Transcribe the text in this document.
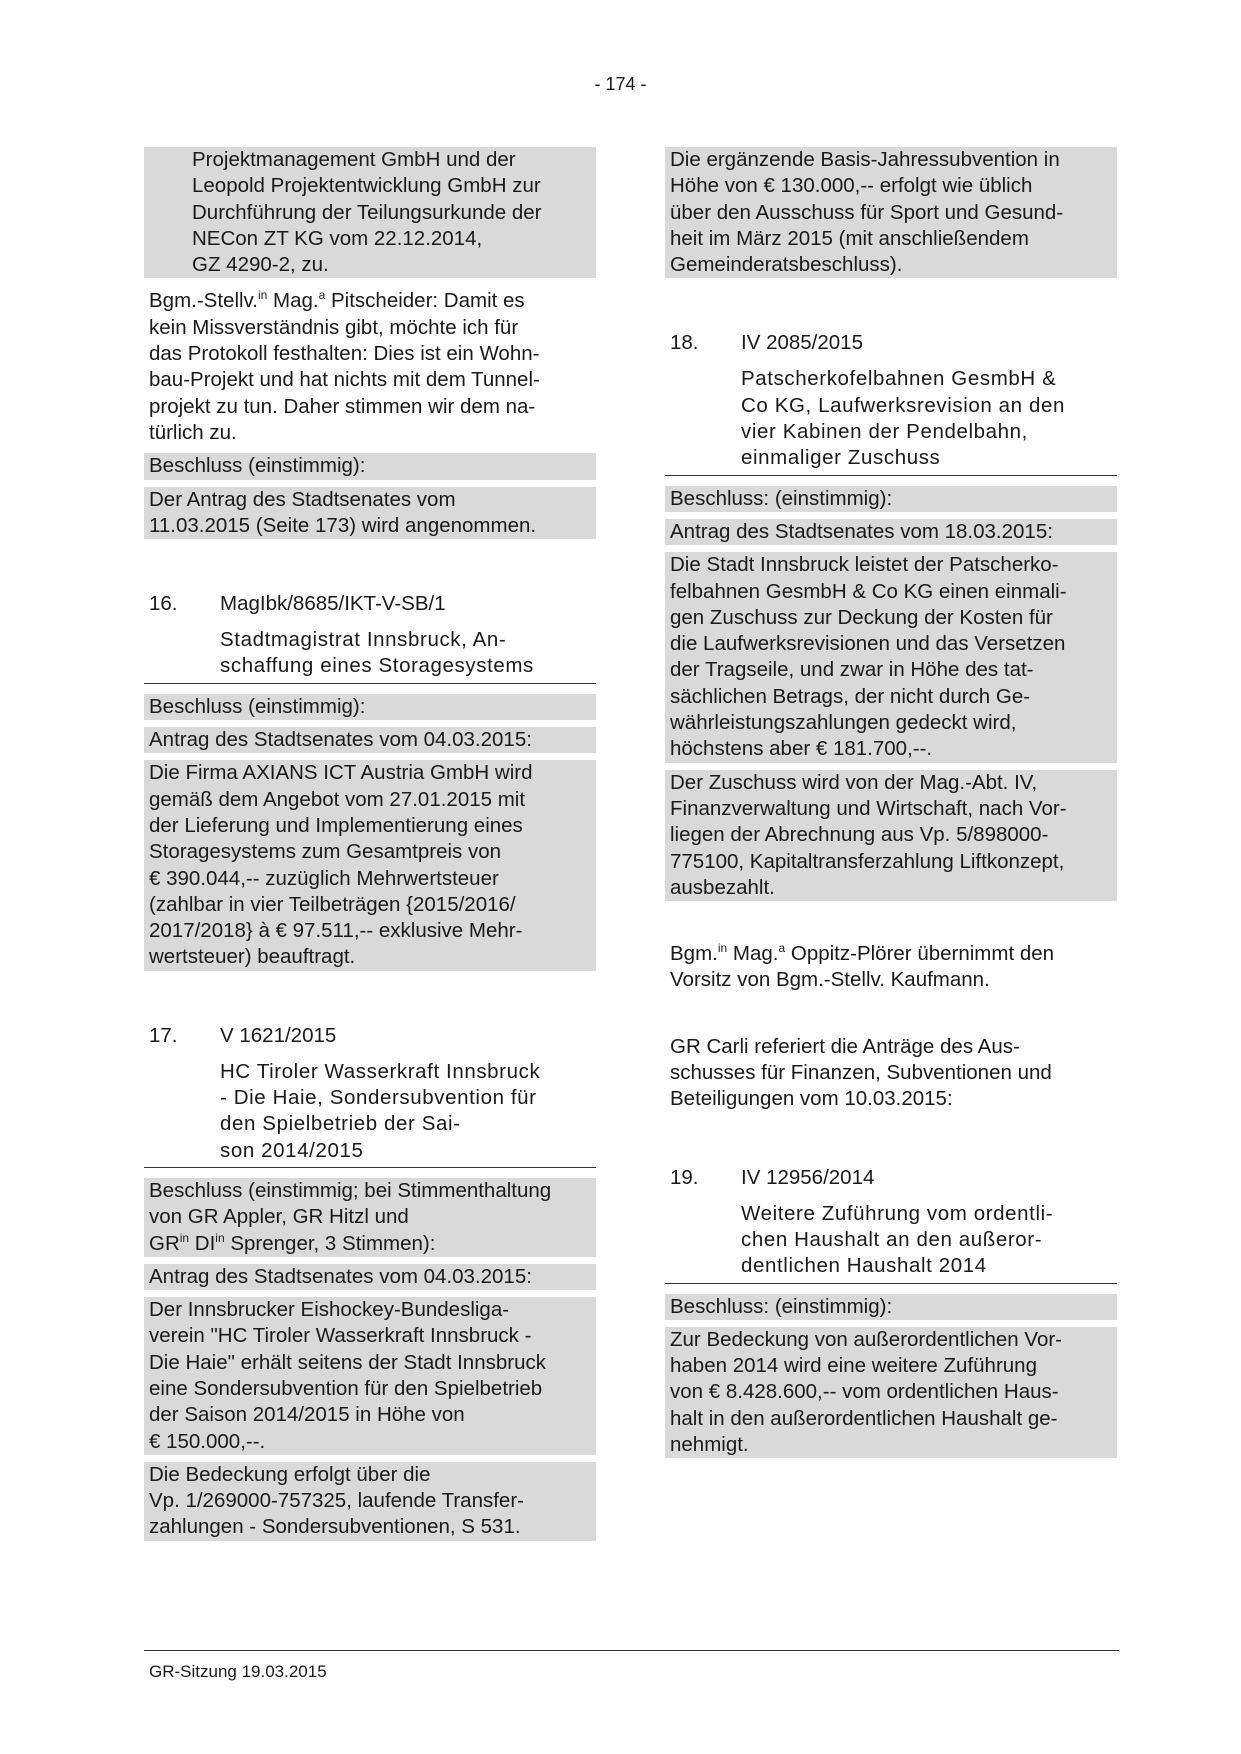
- 174 -
Projektmanagement GmbH und der
Leopold Projektentwicklung GmbH zur
Durchführung der Teilungsurkunde der
NECon ZT KG vom 22.12.2014,
GZ 4290-2, zu.
Bgm.-Stellv.$^{in}$ Mag.$^a$ Pitscheider: Damit es
kein Missverständnis gibt, möchte ich für
das Protokoll festhalten: Dies ist ein Wohn-
bau-Projekt und hat nichts mit dem Tunnel-
projekt zu tun. Daher stimmen wir dem na-
türlich zu.
Beschluss (einstimmig):
Der Antrag des Stadtsenates vom
11.03.2015 (Seite 173) wird angenommen.
16. MagIbk/8685/IKT-V-SB/1
Stadtmagistrat Innsbruck, An-
schaffung eines Storagesystems
Beschluss (einstimmig):
Antrag des Stadtsenates vom 04.03.2015:
Die Firma AXIANS ICT Austria GmbH wird
gemäß dem Angebot vom 27.01.2015 mit
der Lieferung und Implementierung eines
Storagesystems zum Gesamtpreis von
€ 390.044,-- zuzüglich Mehrwertsteuer
(zahlbar in vier Teilbeträgen {2015/2016/
2017/2018} à € 97.511,-- exklusive Mehr-
wertsteuer) beauftragt.
17. V 1621/2015
HC Tiroler Wasserkraft Innsbruck
- Die Haie, Sondersubvention für
den Spielbetrieb der Sai-
son 2014/2015
Beschluss (einstimmig; bei Stimmenthaltung
von GR Appler, GR Hitzl und
$GR^{in}$ $DI^{in}$ Sprenger, 3 Stimmen):
Antrag des Stadtsenates vom 04.03.2015:
Der Innsbrucker Eishockey-Bundesliga-
verein "HC Tiroler Wasserkraft Innsbruck -
Die Haie" erhält seitens der Stadt Innsbruck
eine Sondersubvention für den Spielbetrieb
der Saison 2014/2015 in Höhe von
€ 150.000,--.
Die Bedeckung erfolgt über die
Vp. 1/269000-757325, laufende Transfer-
zahlungen - Sondersubventionen, S 531.
Die ergänzende Basis-Jahressubvention in
Höhe von € 130.000,-- erfolgt wie üblich
über den Ausschuss für Sport und Gesund-
heit im März 2015 (mit anschließendem
Gemeinderatsbeschluss).
18. IV 2085/2015
Patscherkofelbahnen GesmbH &
Co KG, Laufwerksrevision an den
vier Kabinen der Pendelbahn,
einmaliger Zuschuss
Beschluss: (einstimmig):
Antrag des Stadtsenates vom 18.03.2015:
Die Stadt Innsbruck leistet der Patscherko-
felbahnen GesmbH & Co KG einen einmali-
gen Zuschuss zur Deckung der Kosten für
die Laufwerksrevisionen und das Versetzen
der Tragseile, und zwar in Höhe des tat-
sächlichen Betrags, der nicht durch Ge-
währleistungszahlungen gedeckt wird,
höchstens aber € 181.700,--.
Der Zuschuss wird von der Mag.-Abt. IV,
Finanzverwaltung und Wirtschaft, nach Vor-
liegen der Abrechnung aus Vp. 5/898000-
775100, Kapitaltransferzahlung Liftkonzept,
ausbezahlt.
Bgm.$^{in}$ Mag.$^a$ Oppitz-Plörer übernimmt den
Vorsitz von Bgm.-Stellv. Kaufmann.
GR Carli referiert die Anträge des Aus-
schusses für Finanzen, Subventionen und
Beteiligungen vom 10.03.2015:
19. IV 12956/2014
Weitere Zuführung vom ordentli-
chen Haushalt an den außeror-
dentlichen Haushalt 2014
Beschluss: (einstimmig):
Zur Bedeckung von außerordentlichen Vor-
haben 2014 wird eine weitere Zuführung
von € 8.428.600,-- vom ordentlichen Haus-
halt in den außerordentlichen Haushalt ge-
nehmigt.
GR-Sitzung 19.03.2015
